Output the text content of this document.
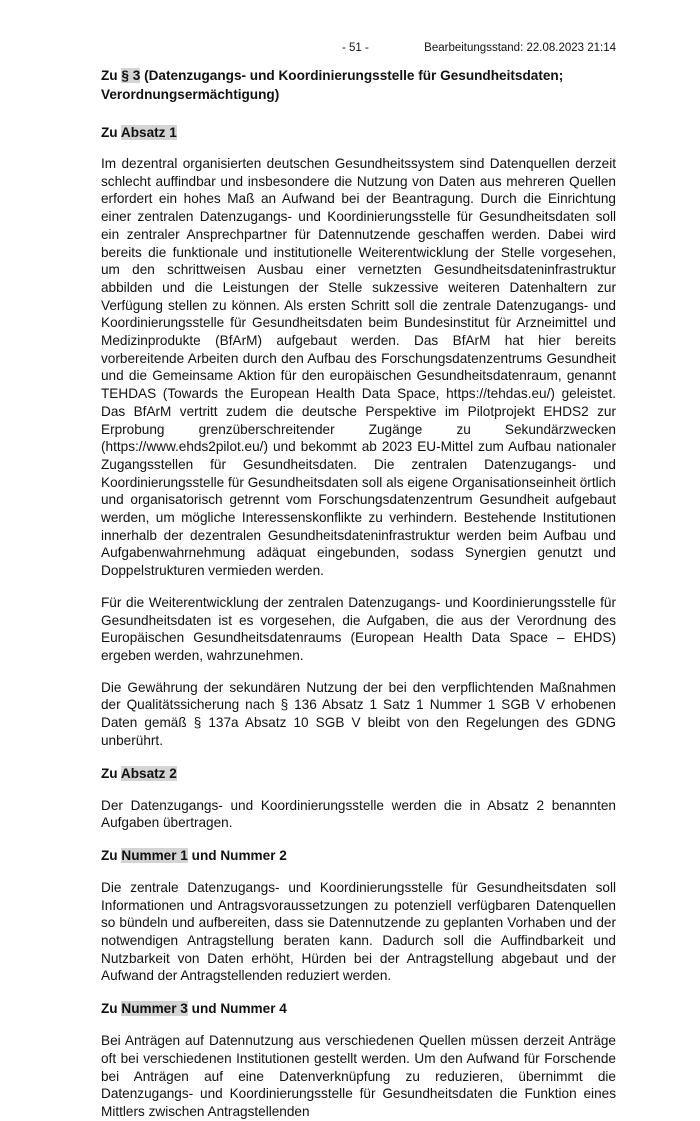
- 51 -	Bearbeitungsstand: 22.08.2023 21:14

Zu § 3 (Datenzugangs- und Koordinierungsstelle für Gesundheitsdaten; Verordnungsermächtigung)

Zu Absatz 1

Im dezentral organisierten deutschen Gesundheitssystem sind Datenquellen derzeit schlecht auffindbar und insbesondere die Nutzung von Daten aus mehreren Quellen erfordert ein hohes Maß an Aufwand bei der Beantragung. Durch die Einrichtung einer zentralen Datenzugangs- und Koordinierungsstelle für Gesundheitsdaten soll ein zentraler Ansprechpartner für Datennutzende geschaffen werden. Dabei wird bereits die funktionale und institutionelle Weiterentwicklung der Stelle vorgesehen, um den schrittweisen Ausbau einer vernetzten Gesundheitsdateninfrastruktur abbilden und die Leistungen der Stelle sukzessive weiteren Datenhaltern zur Verfügung stellen zu können. Als ersten Schritt soll die zentrale Datenzugangs- und Koordinierungsstelle für Gesundheitsdaten beim Bundesinstitut für Arzneimittel und Medizinprodukte (BfArM) aufgebaut werden. Das BfArM hat hier bereits vorbereitende Arbeiten durch den Aufbau des Forschungsdatenzentrums Gesundheit und die Gemeinsame Aktion für den europäischen Gesundheitsdatenraum, genannt TEHDAS (Towards the European Health Data Space, https://tehdas.eu/) geleistet. Das BfArM vertritt zudem die deutsche Perspektive im Pilotprojekt EHDS2 zur Erprobung grenzüberschreitender Zugänge zu Sekundärzwecken (https://www.ehds2pilot.eu/) und bekommt ab 2023 EU-Mittel zum Aufbau nationaler Zugangsstellen für Gesundheitsdaten. Die zentralen Datenzugangs- und Koordinierungsstelle für Gesundheitsdaten soll als eigene Organisationseinheit örtlich und organisatorisch getrennt vom Forschungsdatenzentrum Gesundheit aufgebaut werden, um mögliche Interessenskonflikte zu verhindern. Bestehende Institutionen innerhalb der dezentralen Gesundheitsdateninfrastruktur werden beim Aufbau und Aufgabenwahrnehmung adäquat eingebunden, sodass Synergien genutzt und Doppelstrukturen vermieden werden.

Für die Weiterentwicklung der zentralen Datenzugangs- und Koordinierungsstelle für Gesundheitsdaten ist es vorgesehen, die Aufgaben, die aus der Verordnung des Europäischen Gesundheitsdatenraums (European Health Data Space – EHDS) ergeben werden, wahrzunehmen.

Die Gewährung der sekundären Nutzung der bei den verpflichtenden Maßnahmen der Qualitätssicherung nach § 136 Absatz 1 Satz 1 Nummer 1 SGB V erhobenen Daten gemäß § 137a Absatz 10 SGB V bleibt von den Regelungen des GDNG unberührt.

Zu Absatz 2

Der Datenzugangs- und Koordinierungsstelle werden die in Absatz 2 benannten Aufgaben übertragen.

Zu Nummer 1 und Nummer 2

Die zentrale Datenzugangs- und Koordinierungsstelle für Gesundheitsdaten soll Informationen und Antragsvoraussetzungen zu potenziell verfügbaren Datenquellen so bündeln und aufbereiten, dass sie Datennutzende zu geplanten Vorhaben und der notwendigen Antragstellung beraten kann. Dadurch soll die Auffindbarkeit und Nutzbarkeit von Daten erhöht, Hürden bei der Antragstellung abgebaut und der Aufwand der Antragstellenden reduziert werden.

Zu Nummer 3 und Nummer 4

Bei Anträgen auf Datennutzung aus verschiedenen Quellen müssen derzeit Anträge oft bei verschiedenen Institutionen gestellt werden. Um den Aufwand für Forschende bei Anträgen auf eine Datenverknüpfung zu reduzieren, übernimmt die Datenzugangs- und Koordinierungsstelle für Gesundheitsdaten die Funktion eines Mittlers zwischen Antragstellenden
